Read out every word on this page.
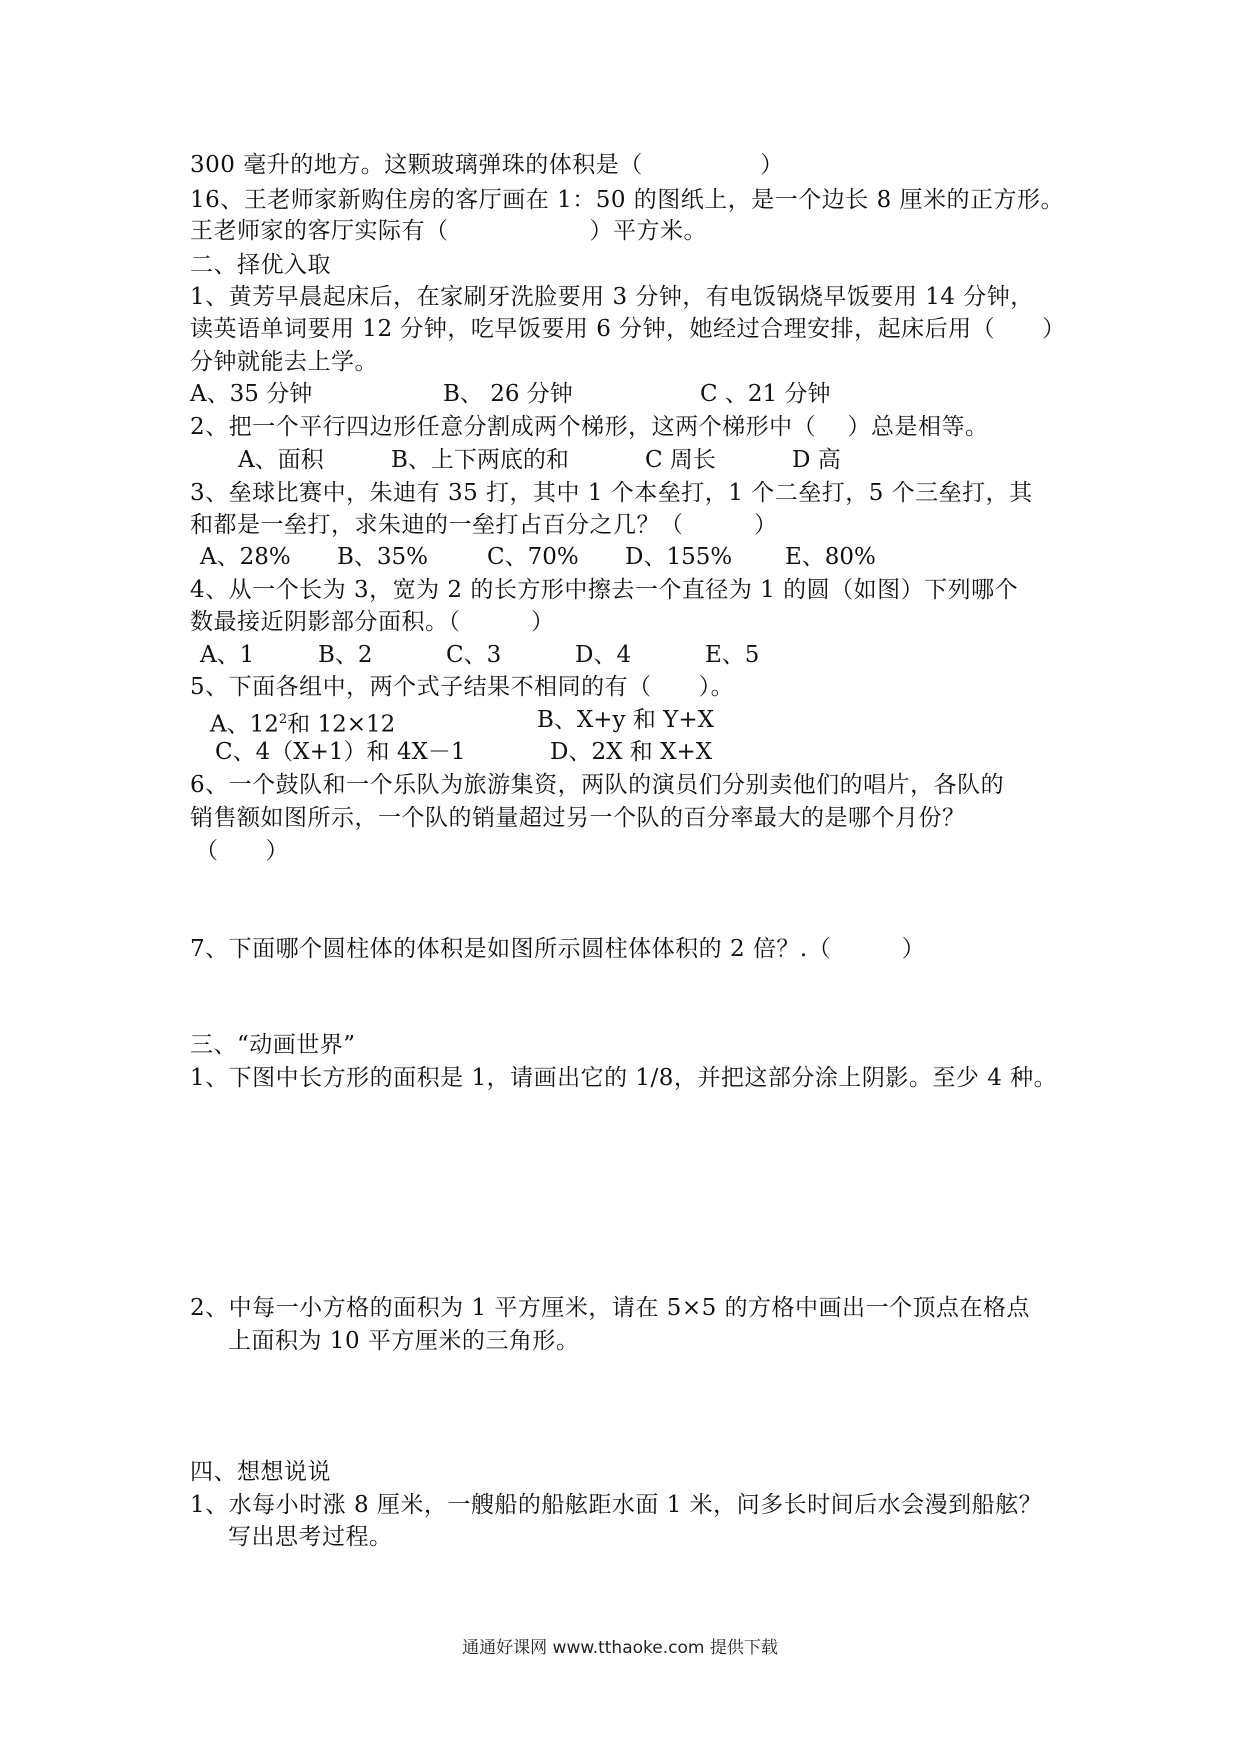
300 毫升的地方。这颗玻璃弹珠的体积是（　　　　　）
16、王老师家新购住房的客厅画在 1：50 的图纸上，是一个边长 8 厘米的正方形。
王老师家的客厅实际有（　　　　　　）平方米。
二、择优入取
1、黄芳早晨起床后，在家刷牙洗脸要用 3 分钟，有电饭锅烧早饭要用 14 分钟，
读英语单词要用 12 分钟，吃早饭要用 6 分钟，她经过合理安排，起床后用（　　）
分钟就能去上学。
A、35 分钟	B、 26 分钟	C 、21 分钟
2、把一个平行四边形任意分割成两个梯形，这两个梯形中（　 ）总是相等。
A、面积	B、上下两底的和	C 周长	D 高
3、垒球比赛中，朱迪有 35 打，其中 1 个本垒打，1 个二垒打，5 个三垒打，其
和都是一垒打，求朱迪的一垒打占百分之几？（　　　）
A、28% B、35%	C、70% D、155% E、80%
4、从一个长为 3，宽为 2 的长方形中擦去一个直径为 1 的圆（如图）下列哪个
数最接近阴影部分面积。（　　　）
A、1	B、2	C、3	D、4	E、5
5、下面各组中，两个式子结果不相同的有（　　）。
A、$12^2$和 12×12	B、X+y 和 Y+X
C、4（X+1）和 4X－1	D、2X 和 X+X
6、一个鼓队和一个乐队为旅游集资，两队的演员们分别卖他们的唱片，各队的
销售额如图所示，一个队的销量超过另一个队的百分率最大的是哪个月份？
（　　）
7、下面哪个圆柱体的体积是如图所示圆柱体体积的 2 倍？.（　　　）
三、“动画世界”
1、下图中长方形的面积是 1，请画出它的 1/8，并把这部分涂上阴影。至少 4 种。
2、中每一小方格的面积为 1 平方厘米，请在 5×5 的方格中画出一个顶点在格点
上面积为 10 平方厘米的三角形。
四、想想说说
1、水每小时涨 8 厘米，一艘船的船舷距水面 1 米，问多长时间后水会漫到船舷？
写出思考过程。
通通好课网 www.tthaoke.com 提供下载
